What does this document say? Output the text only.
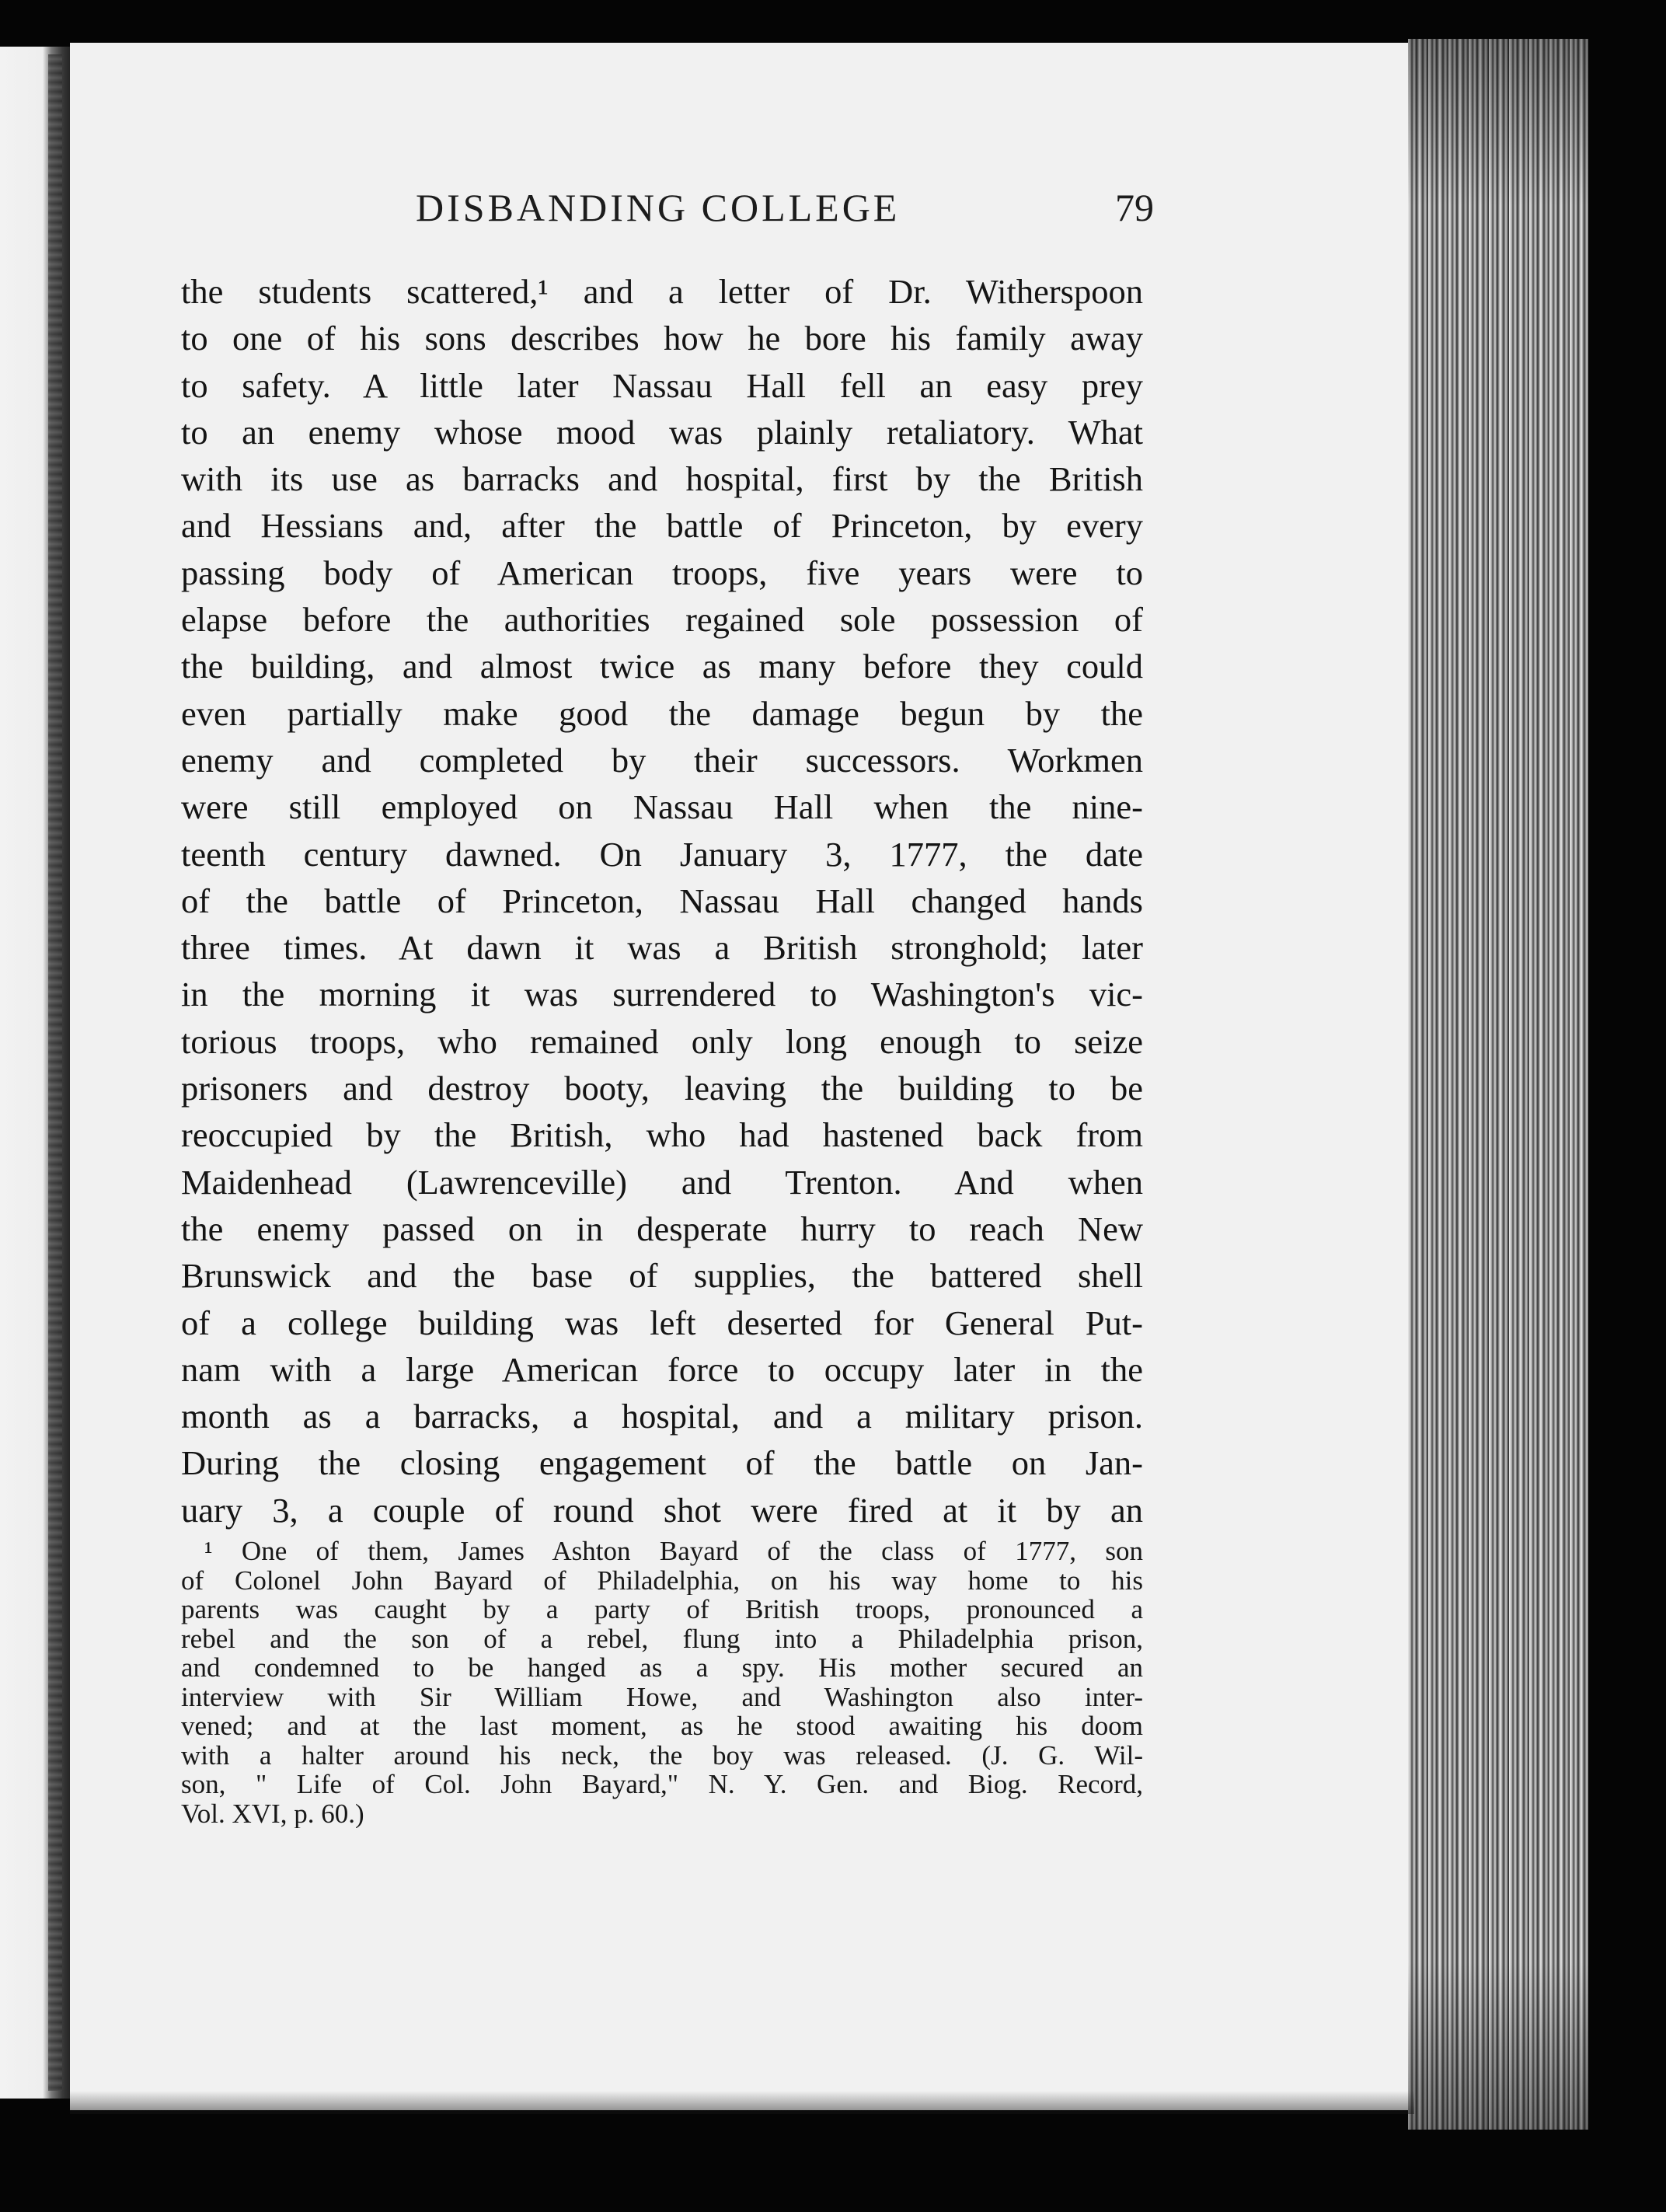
DISBANDING COLLEGE	79
the students scattered,¹ and a letter of Dr. Witherspoon
to one of his sons describes how he bore his family away
to safety. A little later Nassau Hall fell an easy prey
to an enemy whose mood was plainly retaliatory. What
with its use as barracks and hospital, first by the British
and Hessians and, after the battle of Princeton, by every
passing body of American troops, five years were to
elapse before the authorities regained sole possession of
the building, and almost twice as many before they could
even partially make good the damage begun by the
enemy and completed by their successors. Workmen
were still employed on Nassau Hall when the nine-
teenth century dawned. On January 3, 1777, the date
of the battle of Princeton, Nassau Hall changed hands
three times. At dawn it was a British stronghold; later
in the morning it was surrendered to Washington's vic-
torious troops, who remained only long enough to seize
prisoners and destroy booty, leaving the building to be
reoccupied by the British, who had hastened back from
Maidenhead (Lawrenceville) and Trenton. And when
the enemy passed on in desperate hurry to reach New
Brunswick and the base of supplies, the battered shell
of a college building was left deserted for General Put-
nam with a large American force to occupy later in the
month as a barracks, a hospital, and a military prison.
During the closing engagement of the battle on Jan-
uary 3, a couple of round shot were fired at it by an
¹ One of them, James Ashton Bayard of the class of 1777, son
of Colonel John Bayard of Philadelphia, on his way home to his
parents was caught by a party of British troops, pronounced a
rebel and the son of a rebel, flung into a Philadelphia prison,
and condemned to be hanged as a spy. His mother secured an
interview with Sir William Howe, and Washington also inter-
vened; and at the last moment, as he stood awaiting his doom
with a halter around his neck, the boy was released. (J. G. Wil-
son, " Life of Col. John Bayard," N. Y. Gen. and Biog. Record,
Vol. XVI, p. 60.)
